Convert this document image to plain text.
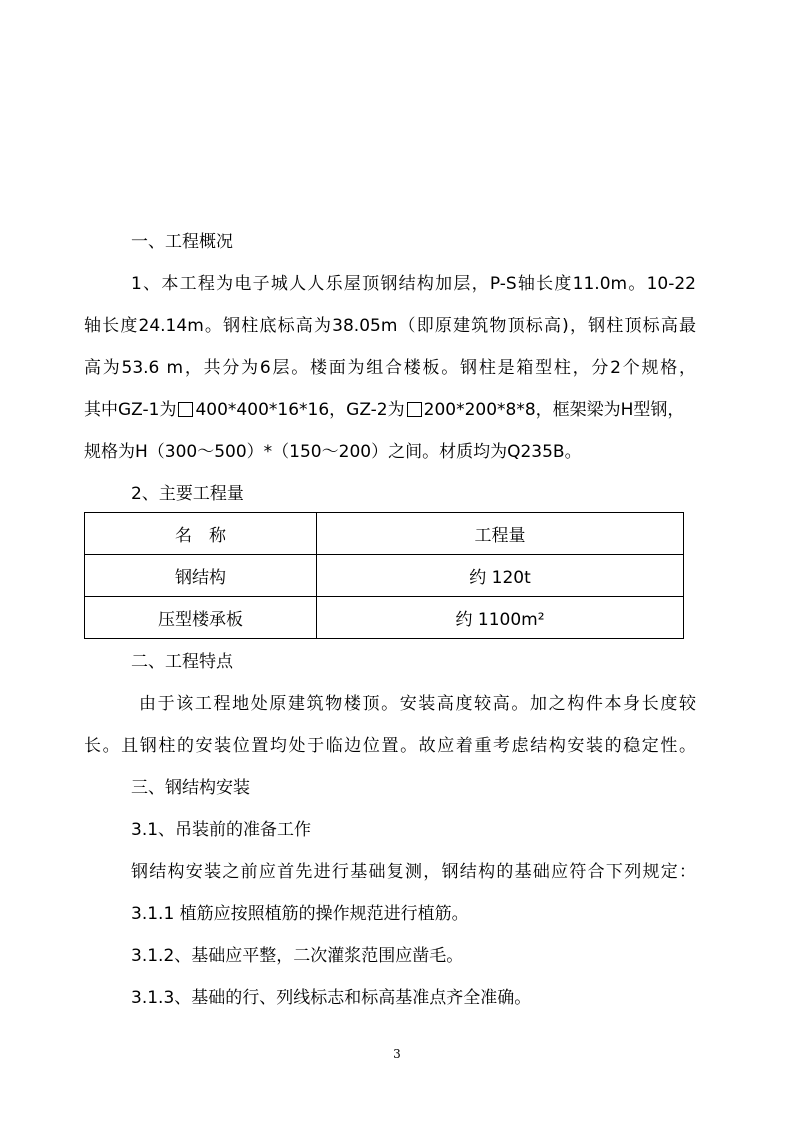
一、工程概况
1、本工程为电子城人人乐屋顶钢结构加层，P-S轴长度11.0m。10-22
轴长度24.14m。钢柱底标高为38.05m（即原建筑物顶标高)，钢柱顶标高最
高为53.6 m，共分为6层。楼面为组合楼板。钢柱是箱型柱，分2个规格，
其中GZ-1为 400*400*16*16，GZ-2为 200*200*8*8，框架梁为H型钢，
规格为H（300～500）*（150～200）之间。材质均为Q235B。
2、主要工程量
名　称	工程量
钢结构	约 120t
压型楼承板	约 1100m²
二、工程特点
由于该工程地处原建筑物楼顶。安装高度较高。加之构件本身长度较
长。且钢柱的安装位置均处于临边位置。故应着重考虑结构安装的稳定性。
三、钢结构安装
3.1、吊装前的准备工作
钢结构安装之前应首先进行基础复测，钢结构的基础应符合下列规定：
3.1.1 植筋应按照植筋的操作规范进行植筋。
3.1.2、基础应平整，二次灌浆范围应凿毛。
3.1.3、基础的行、列线标志和标高基准点齐全准确。
3
